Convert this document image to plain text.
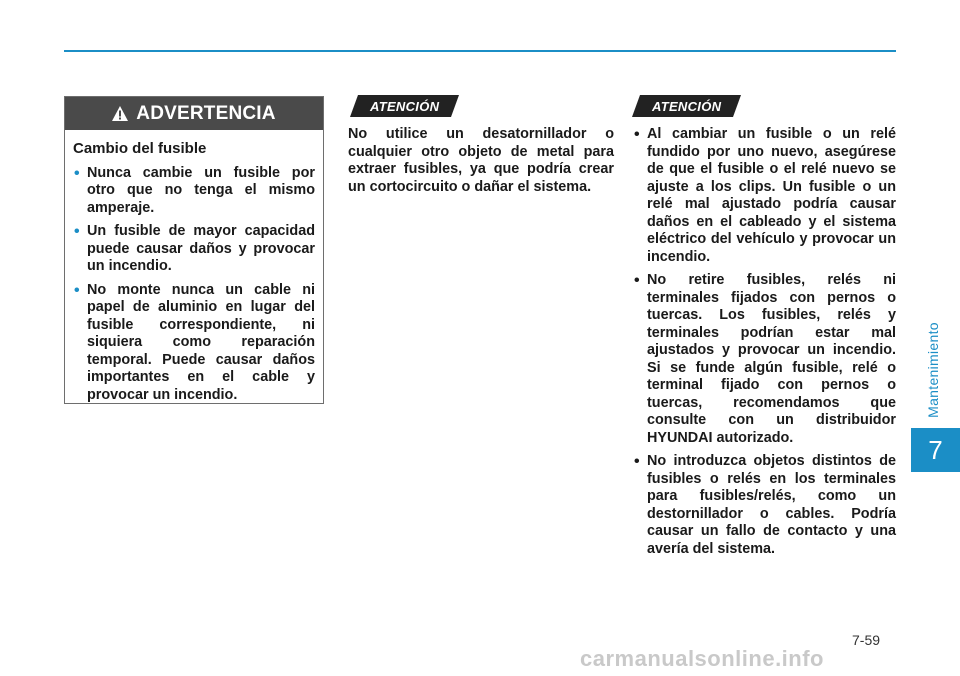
Mantenimiento
7
ADVERTENCIA
Cambio del fusible
• Nunca cambie un fusible por otro que no tenga el mismo amperaje.
• Un fusible de mayor capacidad puede causar daños y provocar un incendio.
• No monte nunca un cable ni papel de aluminio en lugar del fusible correspondiente, ni siquiera como reparación temporal. Puede causar daños importantes en el cable y provocar un incendio.
ATENCIÓN
No utilice un desatornillador o cualquier otro objeto de metal para extraer fusibles, ya que podría crear un cortocircuito o dañar el sistema.
ATENCIÓN
• Al cambiar un fusible o un relé fundido por uno nuevo, asegúrese de que el fusible o el relé nuevo se ajuste a los clips. Un fusible o un relé mal ajustado podría causar daños en el cableado y el sistema eléctrico del vehículo y provocar un incendio.
• No retire fusibles, relés ni terminales fijados con pernos o tuercas. Los fusibles, relés y terminales podrían estar mal ajustados y provocar un incendio. Si se funde algún fusible, relé o terminal fijado con pernos o tuercas, recomendamos que consulte con un distribuidor HYUNDAI autorizado.
• No introduzca objetos distintos de fusibles o relés en los terminales para fusibles/relés, como un destornillador o cables. Podría causar un fallo de contacto y una avería del sistema.
7-59
carmanualsonline.info
